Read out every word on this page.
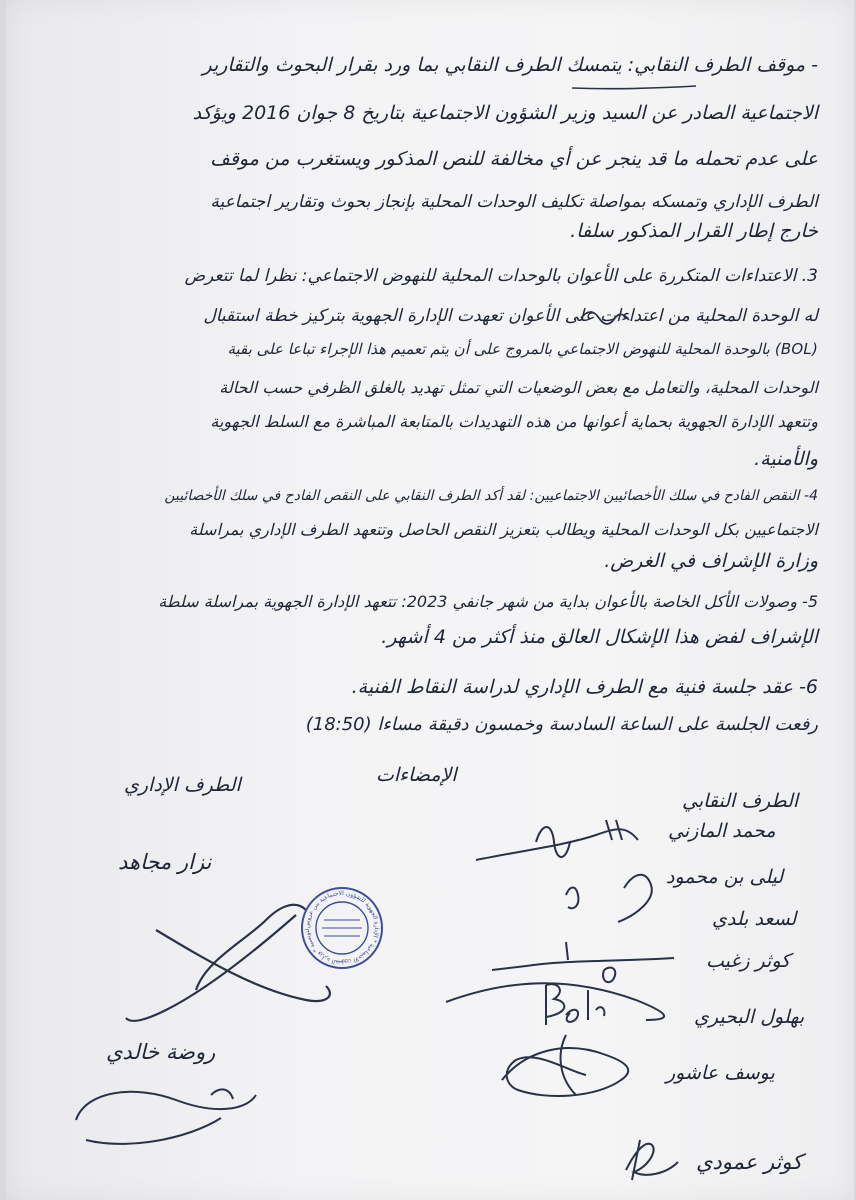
- موقف الطرف النقابي: يتمسك الطرف النقابي بما ورد بقرار البحوث والتقارير
الاجتماعية الصادر عن السيد وزير الشؤون الاجتماعية بتاريخ 8 جوان 2016 ويؤكد
على عدم تحمله ما قد ينجر عن أي مخالفة للنص المذكور ويستغرب من موقف
الطرف الإداري وتمسكه بمواصلة تكليف الوحدات المحلية بإنجاز بحوث وتقارير اجتماعية
خارج إطار القرار المذكور سلفا.
3. الاعتداءات المتكررة على الأعوان بالوحدات المحلية للنهوض الاجتماعي: نظرا لما تتعرض
له الوحدة المحلية من اعتداءات على الأعوان تعهدت الإدارة الجهوية بتركيز خطة استقبال
(BOL) بالوحدة المحلية للنهوض الاجتماعي بالمروج على أن يتم تعميم هذا الإجراء تباعا على بقية
الوحدات المحلية، والتعامل مع بعض الوضعيات التي تمثل تهديد بالغلق الظرفي حسب الحالة
وتتعهد الإدارة الجهوية بحماية أعوانها من هذه التهديدات بالمتابعة المباشرة مع السلط الجهوية
والأمنية.
4- النقص الفادح في سلك الأخصائيين الاجتماعيين: لقد أكد الطرف النقابي على النقص الفادح في سلك الأخصائيين
الاجتماعيين بكل الوحدات المحلية ويطالب بتعزيز النقص الحاصل وتتعهد الطرف الإداري بمراسلة
وزارة الإشراف في الغرض.
5- وصولات الأكل الخاصة بالأعوان بداية من شهر جانفي 2023: تتعهد الإدارة الجهوية بمراسلة سلطة
الإشراف لفض هذا الإشكال العالق منذ أكثر من 4 أشهر.
6- عقد جلسة فنية مع الطرف الإداري لدراسة النقاط الفنية.
رفعت الجلسة على الساعة السادسة وخمسون دقيقة مساءا (18:50)
الإمضاءات
الطرف الإداري
الطرف النقابي
نزار مجاهد
روضة خالدي
محمد المازني
ليلى بن محمود
لسعد بلدي
كوثر زغيب
بهلول البحيري
يوسف عاشور
كوثر عمودي
لتونسية * وزارة الشؤون الاجتماعية * الإدارة الجهوية للشؤون الاجتماعية ببن عروس
